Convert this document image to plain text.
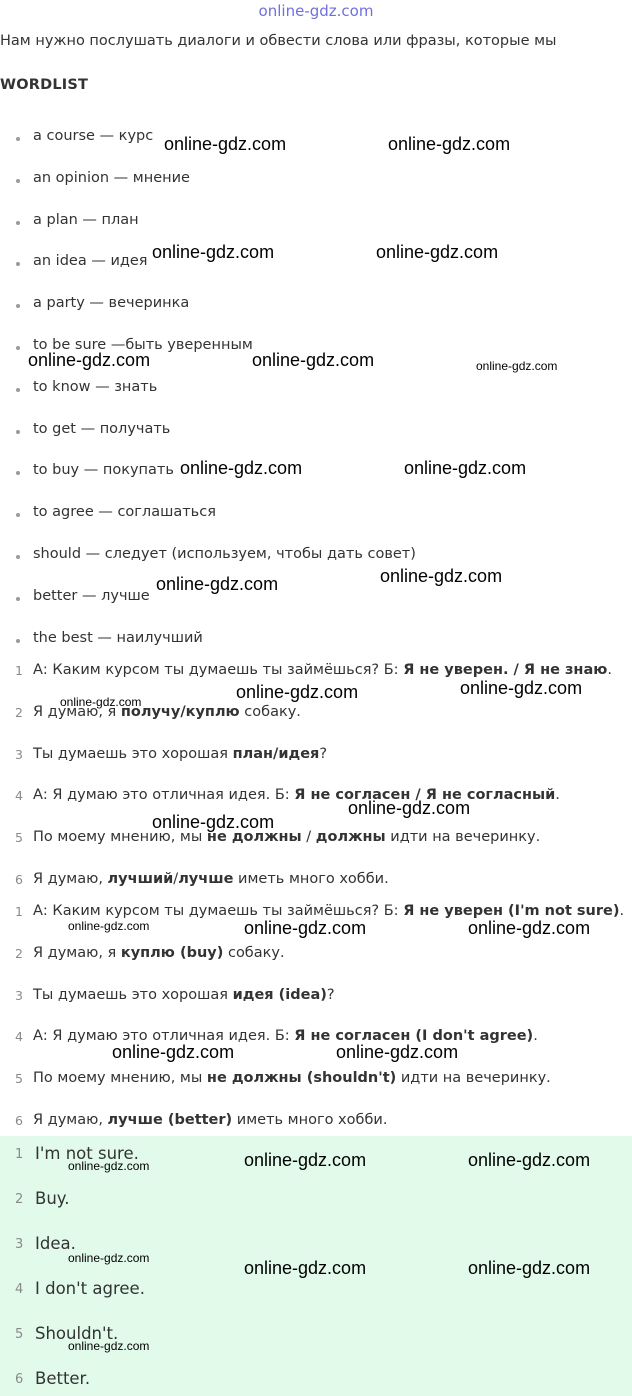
online-gdz.com
Нам нужно послушать диалоги и обвести слова или фразы, которые мы
WORDLIST
a course — курс
an opinion — мнение
a plan — план
an idea — идея
a party — вечеринка
to be sure —быть уверенным
to know — знать
to get — получать
to buy — покупать
to agree — соглашаться
should — следует (используем, чтобы дать совет)
better — лучше
the best — наилучший
1 А: Каким курсом ты думаешь ты займёшься? Б: Я не уверен. / Я не знаю.
2 Я думаю, я получу/куплю собаку.
3 Ты думаешь это хорошая план/идея?
4 А: Я думаю это отличная идея. Б: Я не согласен / Я не согласный.
5 По моему мнению, мы не должны / должны идти на вечеринку.
6 Я думаю, лучший/лучше иметь много хобби.
1 А: Каким курсом ты думаешь ты займёшься? Б: Я не уверен (I'm not sure).
2 Я думаю, я куплю (buy) собаку.
3 Ты думаешь это хорошая идея (idea)?
4 А: Я думаю это отличная идея. Б: Я не согласен (I don't agree).
5 По моему мнению, мы не должны (shouldn't) идти на вечеринку.
6 Я думаю, лучше (better) иметь много хобби.
1 I'm not sure.
2 Buy.
3 Idea.
4 I don't agree.
5 Shouldn't.
6 Better.
online-gdz.com	online-gdz.com
online-gdz.com	online-gdz.com
online-gdz.com	online-gdz.com	online-gdz.com
online-gdz.com	online-gdz.com
online-gdz.com	online-gdz.com
online-gdz.com	online-gdz.com	online-gdz.com
online-gdz.com
online-gdz.com
online-gdz.com	online-gdz.com	online-gdz.com
online-gdz.com	online-gdz.com
online-gdz.com	online-gdz.com	online-gdz.com
online-gdz.com	online-gdz.com	online-gdz.com
online-gdz.com
